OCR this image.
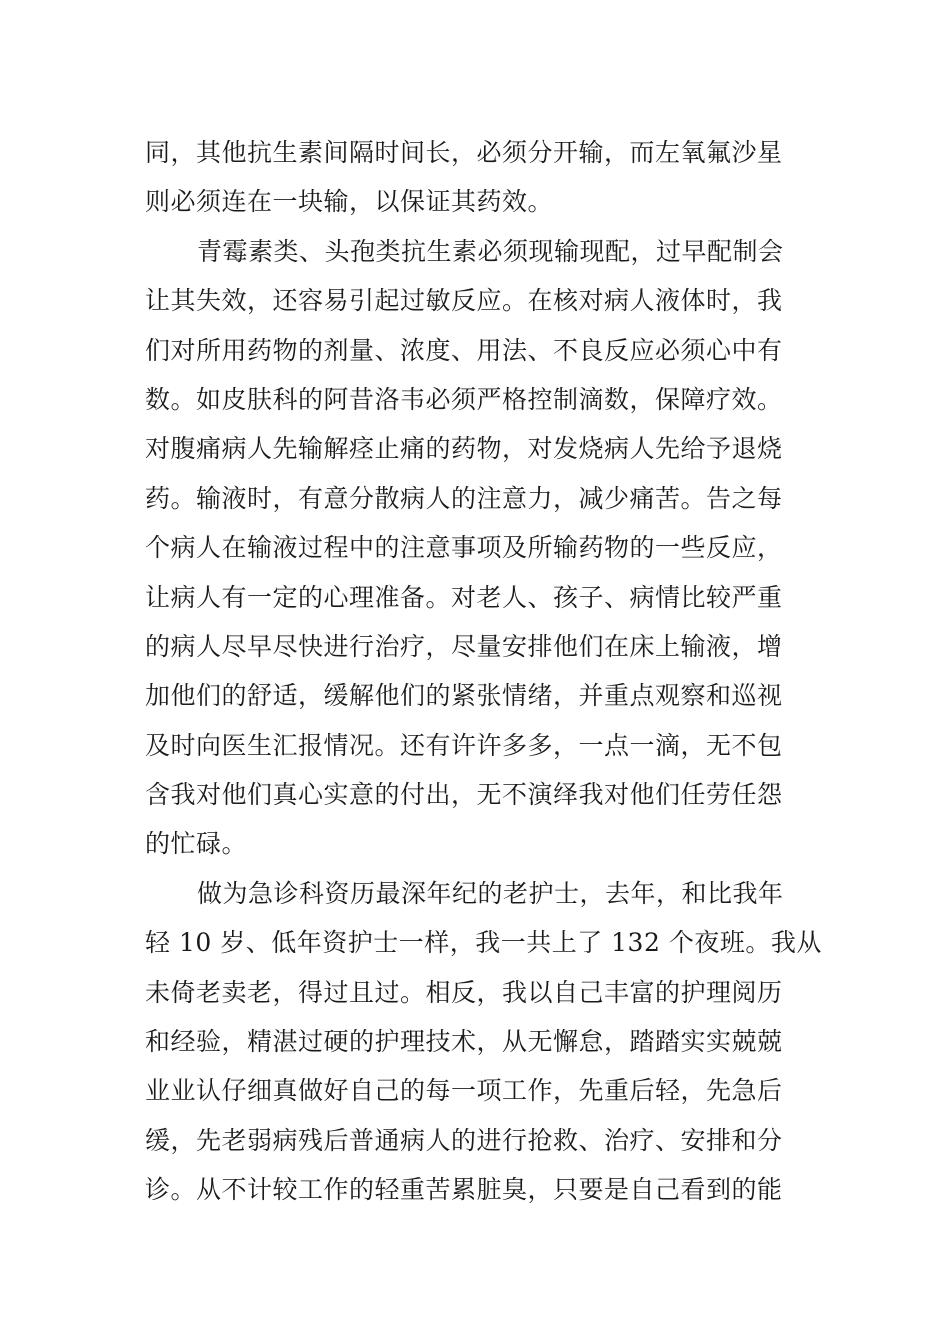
同，其他抗生素间隔时间长，必须分开输，而左氧氟沙星
则必须连在一块输，以保证其药效。
青霉素类、头孢类抗生素必须现输现配，过早配制会
让其失效，还容易引起过敏反应。在核对病人液体时，我
们对所用药物的剂量、浓度、用法、不良反应必须心中有
数。如皮肤科的阿昔洛韦必须严格控制滴数，保障疗效。
对腹痛病人先输解痉止痛的药物，对发烧病人先给予退烧
药。输液时，有意分散病人的注意力，减少痛苦。告之每
个病人在输液过程中的注意事项及所输药物的一些反应，
让病人有一定的心理准备。对老人、孩子、病情比较严重
的病人尽早尽快进行治疗，尽量安排他们在床上输液，增
加他们的舒适，缓解他们的紧张情绪，并重点观察和巡视
及时向医生汇报情况。还有许许多多，一点一滴，无不包
含我对他们真心实意的付出，无不演绎我对他们任劳任怨
的忙碌。
做为急诊科资历最深年纪的老护士，去年，和比我年
轻 10 岁、低年资护士一样，我一共上了 132 个夜班。我从
未倚老卖老，得过且过。相反，我以自己丰富的护理阅历
和经验，精湛过硬的护理技术，从无懈怠，踏踏实实兢兢
业业认仔细真做好自己的每一项工作，先重后轻，先急后
缓，先老弱病残后普通病人的进行抢救、治疗、安排和分
诊。从不计较工作的轻重苦累脏臭，只要是自己看到的能
